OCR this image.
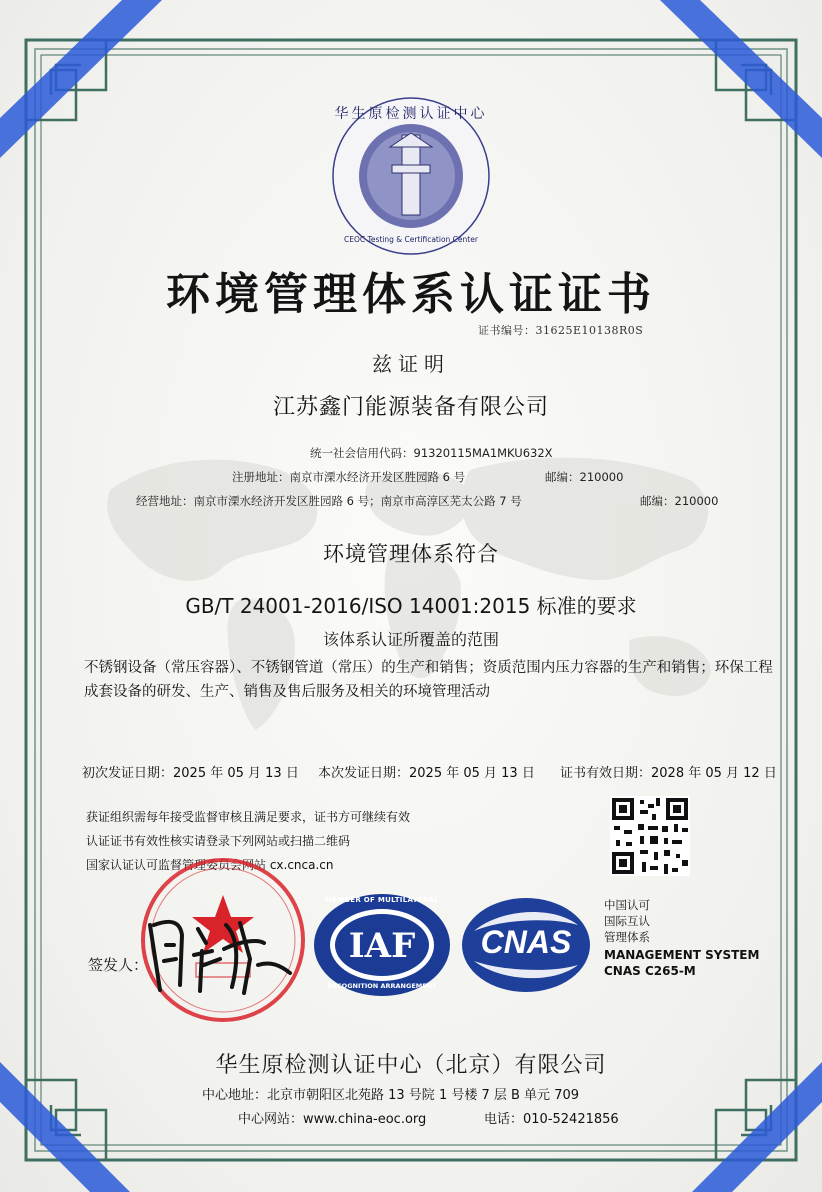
华生原检测认证中心
CEOC Testing & Certification Center
环境管理体系认证证书
证书编号：31625E10138R0S
兹证明
江苏鑫门能源装备有限公司
统一社会信用代码：91320115MA1MKU632X
注册地址：南京市溧水经济开发区胜园路 6 号	邮编：210000
经营地址：南京市溧水经济开发区胜园路 6 号；南京市高淳区芜太公路 7 号	邮编：210000
环境管理体系符合
GB/T 24001-2016/ISO 14001:2015 标准的要求
该体系认证所覆盖的范围
不锈钢设备（常压容器）、不锈钢管道（常压）的生产和销售；资质范围内压力容器的生产和销售；环保工程成套设备的研发、生产、销售及售后服务及相关的环境管理活动
初次发证日期：2025 年 05 月 13 日 本次发证日期：2025 年 05 月 13 日 证书有效日期：2028 年 05 月 12 日
获证组织需每年接受监督审核且满足要求，证书方可继续有效
认证证书有效性核实请登录下列网站或扫描二维码
国家认证认可监督管理委员会网站 cx.cnca.cn
签发人：
MEMBER OF MULTILATERAL
IAF
RECOGNITION ARRANGEMENT
CNAS
中国认可
国际互认
管理体系
MANAGEMENT SYSTEM
CNAS C265-M
华生原检测认证中心（北京）有限公司
中心地址：北京市朝阳区北苑路 13 号院 1 号楼 7 层 B 单元 709
中心网站：www.china-eoc.org	电话：010-52421856
